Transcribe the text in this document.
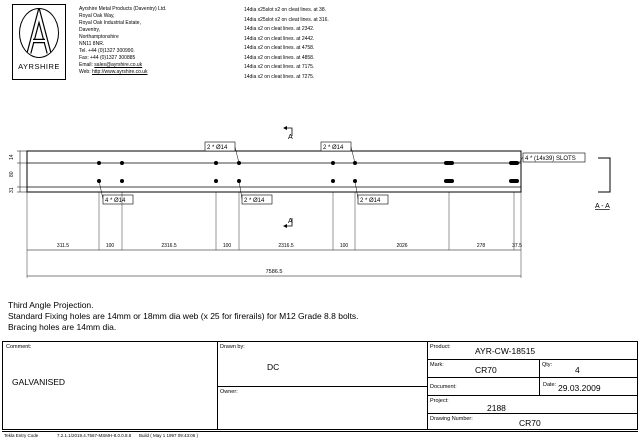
AYRSHIRE
Ayrshire Metal Products (Daventry) Ltd.
Royal Oak Way,
Royal Oak Industrial Estate,
Daventry,
Northamptonshire
NN11 8NR.
Tel. +44 (0)1327 300990.
Fax: +44 (0)1327 300885
Email: sales@ayrshire.co.uk
Web: http://www.ayrshire.co.uk
14dia x25slot x2 on cleat lines. at 38.
14dia x25slot x2 on cleat lines. at 316.
14dia x2 on cleat lines. at 2342.
14dia x2 on cleat lines. at 2442.
14dia x2 on cleat lines. at 4758.
14dia x2 on cleat lines. at 4858.
14dia x2 on cleat lines. at 7175.
14dia x2 on cleat lines. at 7275.
14
80
31
A
A
2 * Ø14	2 * Ø14
4 * Ø14	2 * Ø14	2 * Ø14
4 * (14x39) SLOTS
A - A
311.5	100	2316.5	100	2316.5	100	2026	278	37.5
7586.5
Third Angle Projection.
Standard Fixing holes are 14mm or 18mm dia web (x 25 for firerails) for M12 Grade 8.8 bolts.
Bracing holes are 14mm dia.
Comment:
GALVANISED
Drawn by:
DC
Owner:
Product:	AYR-CW-18515
Mark:	CR70	Qty:	4
Document:	Date: 29.03.2009
Project:
2188
Drawing Number:	CR70
Tekla Entry Code	7.2.1.1/2019.4.7567-MSMH-8.0.0.8.8 Build ( May 1 1997 09:43:06 )
